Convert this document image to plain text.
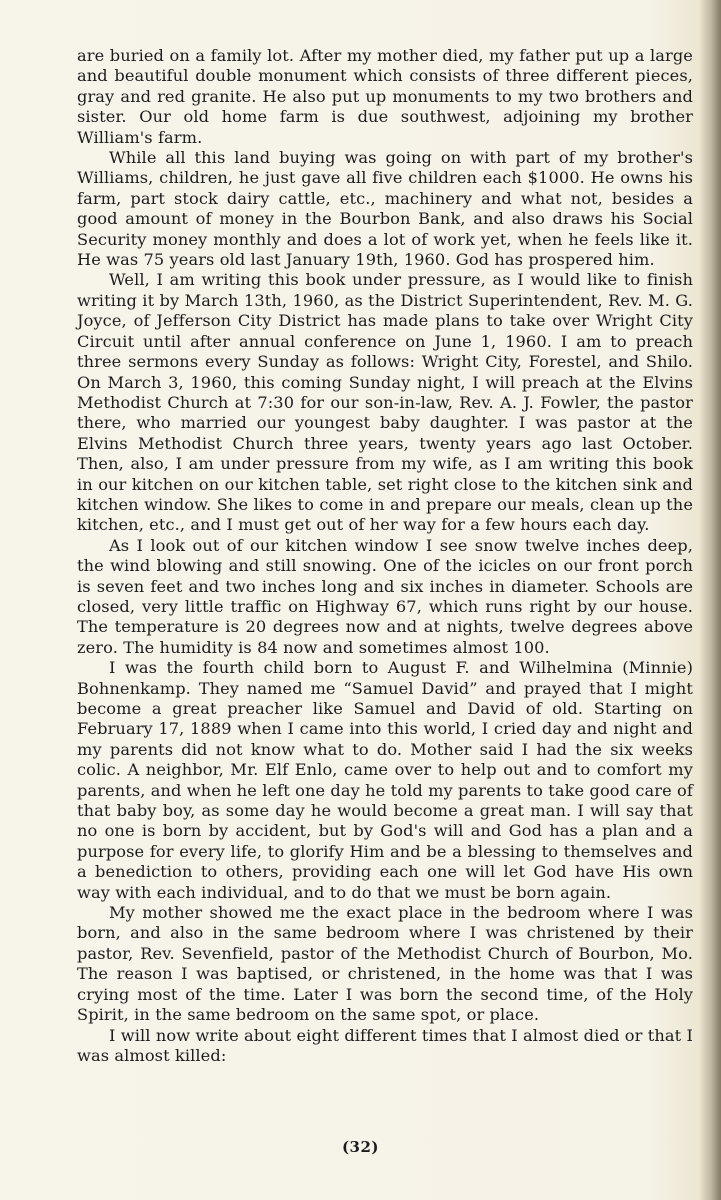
are buried on a family lot. After my mother died, my father put up a large and beautiful double monument which consists of three different pieces, gray and red granite. He also put up monuments to my two brothers and sister. Our old home farm is due southwest, adjoining my brother William's farm.

While all this land buying was going on with part of my brother's Williams, children, he just gave all five children each $1000. He owns his farm, part stock dairy cattle, etc., machinery and what not, besides a good amount of money in the Bourbon Bank, and also draws his Social Security money monthly and does a lot of work yet, when he feels like it. He was 75 years old last January 19th, 1960. God has prospered him.

Well, I am writing this book under pressure, as I would like to finish writing it by March 13th, 1960, as the District Superintendent, Rev. M. G. Joyce, of Jefferson City District has made plans to take over Wright City Circuit until after annual conference on June 1, 1960. I am to preach three sermons every Sunday as follows: Wright City, Forestel, and Shilo. On March 3, 1960, this coming Sunday night, I will preach at the Elvins Methodist Church at 7:30 for our son-in-law, Rev. A. J. Fowler, the pastor there, who married our youngest baby daughter. I was pastor at the Elvins Methodist Church three years, twenty years ago last October. Then, also, I am under pressure from my wife, as I am writing this book in our kitchen on our kitchen table, set right close to the kitchen sink and kitchen window. She likes to come in and prepare our meals, clean up the kitchen, etc., and I must get out of her way for a few hours each day.

As I look out of our kitchen window I see snow twelve inches deep, the wind blowing and still snowing. One of the icicles on our front porch is seven feet and two inches long and six inches in diameter. Schools are closed, very little traffic on Highway 67, which runs right by our house. The temperature is 20 degrees now and at nights, twelve degrees above zero. The humidity is 84 now and sometimes almost 100.

I was the fourth child born to August F. and Wilhelmina (Minnie) Bohnenkamp. They named me “Samuel David” and prayed that I might become a great preacher like Samuel and David of old. Starting on February 17, 1889 when I came into this world, I cried day and night and my parents did not know what to do. Mother said I had the six weeks colic. A neighbor, Mr. Elf Enlo, came over to help out and to comfort my parents, and when he left one day he told my parents to take good care of that baby boy, as some day he would become a great man. I will say that no one is born by accident, but by God's will and God has a plan and a purpose for every life, to glorify Him and be a blessing to themselves and a benediction to others, providing each one will let God have His own way with each individual, and to do that we must be born again.

My mother showed me the exact place in the bedroom where I was born, and also in the same bedroom where I was christened by their pastor, Rev. Sevenfield, pastor of the Methodist Church of Bourbon, Mo. The reason I was baptised, or christened, in the home was that I was crying most of the time. Later I was born the second time, of the Holy Spirit, in the same bedroom on the same spot, or place.

I will now write about eight different times that I almost died or that I was almost killed:

(32)
